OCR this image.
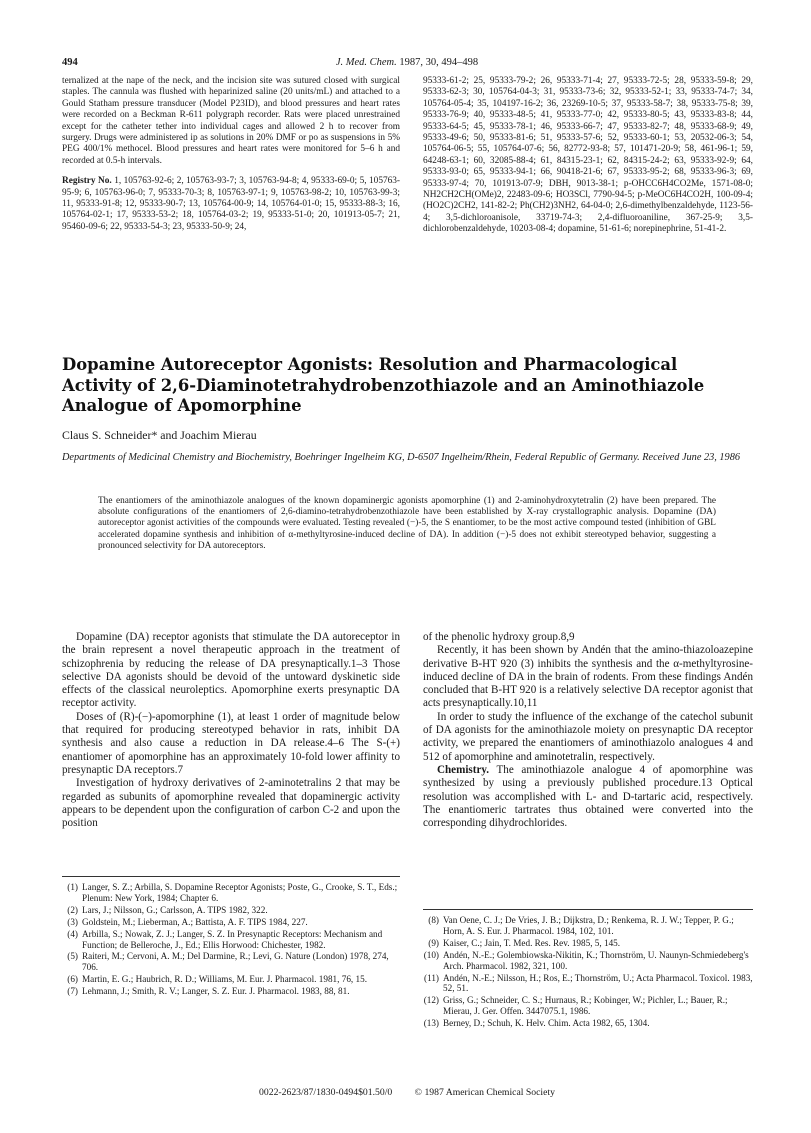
494	J. Med. Chem. 1987, 30, 494–498

ternalized at the nape of the neck, and the incision site was sutured closed with surgical staples. The cannula was flushed with heparinized saline (20 units/mL) and attached to a Gould Statham pressure transducer (Model P23ID), and blood pressures and heart rates were recorded on a Beckman R-611 polygraph recorder. Rats were placed unrestrained except for the catheter tether into individual cages and allowed 2 h to recover from surgery. Drugs were administered ip as solutions in 20% DMF or po as suspensions in 5% PEG 400/1% methocel. Blood pressures and heart rates were monitored for 5–6 h and recorded at 0.5-h intervals.

Registry No. 1, 105763-92-6; 2, 105763-93-7; 3, 105763-94-8; 4, 95333-69-0; 5, 105763-95-9; 6, 105763-96-0; 7, 95333-70-3; 8, 105763-97-1; 9, 105763-98-2; 10, 105763-99-3; 11, 95333-91-8; 12, 95333-90-7; 13, 105764-00-9; 14, 105764-01-0; 15, 95333-88-3; 16, 105764-02-1; 17, 95333-53-2; 18, 105764-03-2; 19, 95333-51-0; 20, 101913-05-7; 21, 95460-09-6; 22, 95333-54-3; 23, 95333-50-9; 24,

95333-61-2; 25, 95333-79-2; 26, 95333-71-4; 27, 95333-72-5; 28, 95333-59-8; 29, 95333-62-3; 30, 105764-04-3; 31, 95333-73-6; 32, 95333-52-1; 33, 95333-74-7; 34, 105764-05-4; 35, 104197-16-2; 36, 23269-10-5; 37, 95333-58-7; 38, 95333-75-8; 39, 95333-76-9; 40, 95333-48-5; 41, 95333-77-0; 42, 95333-80-5; 43, 95333-83-8; 44, 95333-64-5; 45, 95333-78-1; 46, 95333-66-7; 47, 95333-82-7; 48, 95333-68-9; 49, 95333-49-6; 50, 95333-81-6; 51, 95333-57-6; 52, 95333-60-1; 53, 20532-06-3; 54, 105764-06-5; 55, 105764-07-6; 56, 82772-93-8; 57, 101471-20-9; 58, 461-96-1; 59, 64248-63-1; 60, 32085-88-4; 61, 84315-23-1; 62, 84315-24-2; 63, 95333-92-9; 64, 95333-93-0; 65, 95333-94-1; 66, 90418-21-6; 67, 95333-95-2; 68, 95333-96-3; 69, 95333-97-4; 70, 101913-07-9; DBH, 9013-38-1; p-OHCC6H4CO2Me, 1571-08-0; NH2CH2CH(OMe)2, 22483-09-6; HO3SCl, 7790-94-5; p-MeOC6H4CO2H, 100-09-4; (HO2C)2CH2, 141-82-2; Ph(CH2)3NH2, 64-04-0; 2,6-dimethylbenzaldehyde, 1123-56-4; 3,5-dichloroanisole, 33719-74-3; 2,4-difluoroaniline, 367-25-9; 3,5-dichlorobenzaldehyde, 10203-08-4; dopamine, 51-61-6; norepinephrine, 51-41-2.

Dopamine Autoreceptor Agonists: Resolution and Pharmacological Activity of 2,6-Diaminotetrahydrobenzothiazole and an Aminothiazole Analogue of Apomorphine
Claus S. Schneider* and Joachim Mierau
Departments of Medicinal Chemistry and Biochemistry, Boehringer Ingelheim KG, D-6507 Ingelheim/Rhein, Federal Republic of Germany. Received June 23, 1986
The enantiomers of the aminothiazole analogues of the known dopaminergic agonists apomorphine (1) and 2-aminohydroxytetralin (2) have been prepared. The absolute configurations of the enantiomers of 2,6-diamino-tetrahydrobenzothiazole have been established by X-ray crystallographic analysis. Dopamine (DA) autoreceptor agonist activities of the compounds were evaluated. Testing revealed (−)-5, the S enantiomer, to be the most active compound tested (inhibition of GBL accelerated dopamine synthesis and inhibition of α-methyltyrosine-induced decline of DA). In addition (−)-5 does not exhibit stereotyped behavior, suggesting a pronounced selectivity for DA autoreceptors.

Dopamine (DA) receptor agonists that stimulate the DA autoreceptor in the brain represent a novel therapeutic approach in the treatment of schizophrenia by reducing the release of DA presynaptically.1–3 Those selective DA agonists should be devoid of the untoward dyskinetic side effects of the classical neuroleptics. Apomorphine exerts presynaptic DA receptor activity.

Doses of (R)-(−)-apomorphine (1), at least 1 order of magnitude below that required for producing stereotyped behavior in rats, inhibit DA synthesis and also cause a reduction in DA release.4–6 The S-(+) enantiomer of apomorphine has an approximately 10-fold lower affinity to presynaptic DA receptors.7

Investigation of hydroxy derivatives of 2-aminotetralins 2 that may be regarded as subunits of apomorphine revealed that dopaminergic activity appears to be dependent upon the configuration of carbon C-2 and upon the position

of the phenolic hydroxy group.8,9

Recently, it has been shown by Andén that the amino-thiazoloazepine derivative B-HT 920 (3) inhibits the synthesis and the α-methyltyrosine-induced decline of DA in the brain of rodents. From these findings Andén concluded that B-HT 920 is a relatively selective DA receptor agonist that acts presynaptically.10,11

In order to study the influence of the exchange of the catechol subunit of DA agonists for the aminothiazole moiety on presynaptic DA receptor activity, we prepared the enantiomers of aminothiazolo analogues 4 and 512 of apomorphine and aminotetralin, respectively.

Chemistry. The aminothiazole analogue 4 of apomorphine was synthesized by using a previously published procedure.13 Optical resolution was accomplished with L- and D-tartaric acid, respectively. The enantiomeric tartrates thus obtained were converted into the corresponding dihydrochlorides.

(1) Langer, S. Z.; Arbilla, S. Dopamine Receptor Agonists; Poste, G., Crooke, S. T., Eds.; Plenum: New York, 1984; Chapter 6.
(2) Lars, J.; Nilsson, G.; Carlsson, A. TIPS 1982, 322.
(3) Goldstein, M.; Lieberman, A.; Battista, A. F. TIPS 1984, 227.
(4) Arbilla, S.; Nowak, Z. J.; Langer, S. Z. In Presynaptic Receptors: Mechanism and Function; de Belleroche, J., Ed.; Ellis Horwood: Chichester, 1982.
(5) Raiteri, M.; Cervoni, A. M.; Del Darmine, R.; Levi, G. Nature (London) 1978, 274, 706.
(6) Martin, E. G.; Haubrich, R. D.; Williams, M. Eur. J. Pharmacol. 1981, 76, 15.
(7) Lehmann, J.; Smith, R. V.; Langer, S. Z. Eur. J. Pharmacol. 1983, 88, 81.
(8) Van Oene, C. J.; De Vries, J. B.; Dijkstra, D.; Renkema, R. J. W.; Tepper, P. G.; Horn, A. S. Eur. J. Pharmacol. 1984, 102, 101.
(9) Kaiser, C.; Jain, T. Med. Res. Rev. 1985, 5, 145.
(10) Andén, N.-E.; Golembiowska-Nikitin, K.; Thornström, U. Naunyn-Schmiedeberg's Arch. Pharmacol. 1982, 321, 100.
(11) Andén, N.-E.; Nilsson, H.; Ros, E.; Thornström, U.; Acta Pharmacol. Toxicol. 1983, 52, 51.
(12) Griss, G.; Schneider, C. S.; Hurnaus, R.; Kobinger, W.; Pichler, L.; Bauer, R.; Mierau, J. Ger. Offen. 3447075.1, 1986.
(13) Berney, D.; Schuh, K. Helv. Chim. Acta 1982, 65, 1304.
0022-2623/87/1830-0494$01.50/0 © 1987 American Chemical Society
